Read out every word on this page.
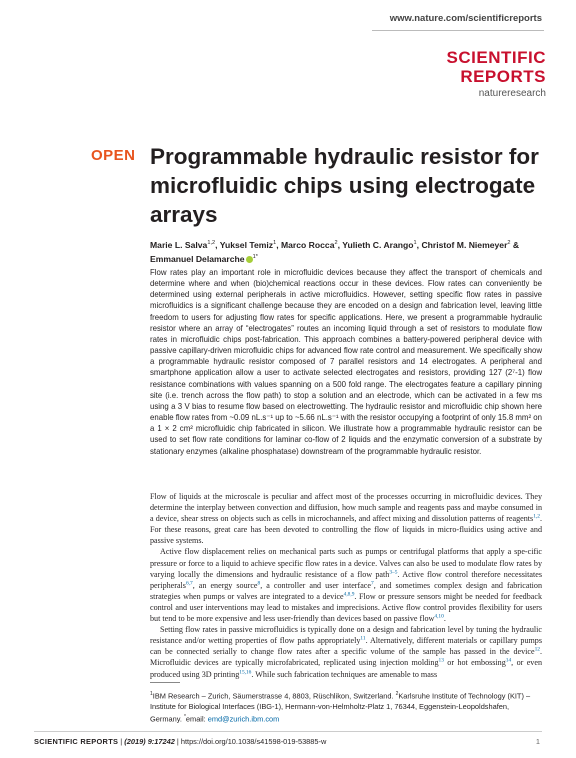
www.nature.com/scientificreports
SCIENTIFIC
REPORTS
natureresearch
OPEN Programmable hydraulic resistor for microfluidic chips using electrogate arrays
Marie L. Salva$^{1,2}$, Yuksel Temiz$^1$, Marco Rocca$^2$, Yulieth C. Arango$^1$, Christof M. Niemeyer$^2$ & Emmanuel Delamarche $^{1*}$
Flow rates play an important role in microfluidic devices because they affect the transport of chemicals and determine where and when (bio)chemical reactions occur in these devices. Flow rates can conveniently be determined using external peripherals in active microfluidics. However, setting specific flow rates in passive microfluidics is a significant challenge because they are encoded on a design and fabrication level, leaving little freedom to users for adjusting flow rates for specific applications. Here, we present a programmable hydraulic resistor where an array of “electrogates” routes an incoming liquid through a set of resistors to modulate flow rates in microfluidic chips post-fabrication. This approach combines a battery-powered peripheral device with passive capillary-driven microfluidic chips for advanced flow rate control and measurement. We specifically show a programmable hydraulic resistor composed of 7 parallel resistors and 14 electrogates. A peripheral and smartphone application allow a user to activate selected electrogates and resistors, providing 127 (2⁷-1) flow resistance combinations with values spanning on a 500 fold range. The electrogates feature a capillary pinning site (i.e. trench across the flow path) to stop a solution and an electrode, which can be activated in a few ms using a 3 V bias to resume flow based on electrowetting. The hydraulic resistor and microfluidic chip shown here enable flow rates from ~0.09 nL.s⁻¹ up to ~5.66 nL.s⁻¹ with the resistor occupying a footprint of only 15.8 mm² on a 1 × 2 cm² microfluidic chip fabricated in silicon. We illustrate how a programmable hydraulic resistor can be used to set flow rate conditions for laminar co-flow of 2 liquids and the enzymatic conversion of a substrate by stationary enzymes (alkaline phosphatase) downstream of the programmable hydraulic resistor.

Flow of liquids at the microscale is peculiar and affect most of the processes occurring in microfluidic devices. They determine the interplay between convection and diffusion, how much sample and reagents pass and maybe consumed in a device, shear stress on objects such as cells in microchannels, and affect mixing and dissolution patterns of reagents$^{1,2}$. For these reasons, great care has been devoted to controlling the flow of liquids in micro-fluidics using active and passive systems.

Active flow displacement relies on mechanical parts such as pumps or centrifugal platforms that apply a spe-cific pressure or force to a liquid to achieve specific flow rates in a device. Valves can also be used to modulate flow rates by varying locally the dimensions and hydraulic resistance of a flow path$^{3-5}$. Active flow control therefore necessitates peripherals$^{6,7}$, an energy source$^8$, a controller and user interface$^7$, and sometimes complex design and fabrication strategies when pumps or valves are integrated to a device$^{4,8,9}$. Flow or pressure sensors might be needed for feedback control and user interventions may lead to mistakes and imprecisions. Active flow control provides flexibility for users but tend to be more expensive and less user-friendly than devices based on passive flow$^{4,10}$.

Setting flow rates in passive microfluidics is typically done on a design and fabrication level by tuning the hydraulic resistance and/or wetting properties of flow paths appropriately$^{11}$. Alternatively, different materials or capillary pumps can be connected serially to change flow rates after a specific volume of the sample has passed in the device$^{12}$. Microfluidic devices are typically microfabricated, replicated using injection molding$^{13}$ or hot embossing$^{14}$, or even produced using 3D printing$^{15,16}$. While such fabrication techniques are amenable to mass

$^1$IBM Research – Zurich, Säumerstrasse 4, 8803, Rüschlikon, Switzerland. $^2$Karlsruhe Institute of Technology (KIT) – Institute for Biological Interfaces (IBG-1), Hermann-von-Helmholtz-Platz 1, 76344, Eggenstein-Leopoldshafen, Germany. *email: emd@zurich.ibm.com
SCIENTIFIC REPORTS | (2019) 9:17242 | https://doi.org/10.1038/s41598-019-53885-w	1
